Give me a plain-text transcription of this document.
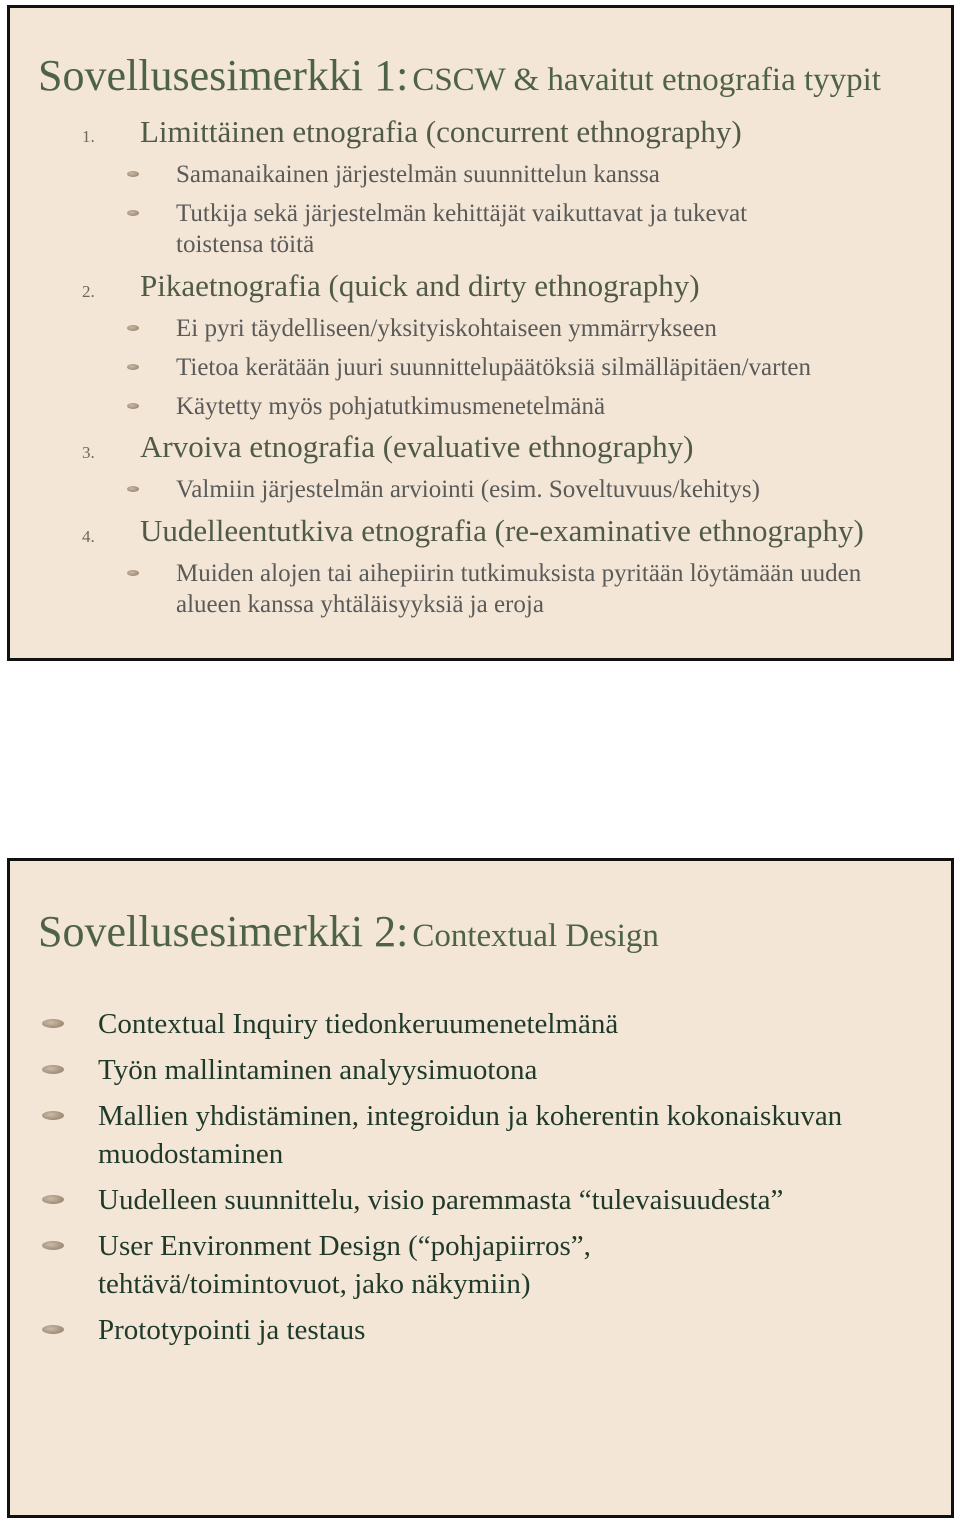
Sovellusesimerkki 1: CSCW & havaitut etnografia tyypit
1. Limittäinen etnografia (concurrent ethnography)
Samanaikainen järjestelmän suunnittelun kanssa
Tutkija sekä järjestelmän kehittäjät vaikuttavat ja tukevat toistensa töitä
2. Pikaetnografia (quick and dirty ethnography)
Ei pyri täydelliseen/yksityiskohtaiseen ymmärrykseen
Tietoa kerätään juuri suunnittelupäätöksiä silmälläpitäen/varten
Käytetty myös pohjatutkimusmenetelmänä
3. Arvoiva etnografia (evaluative ethnography)
Valmiin järjestelmän arviointi (esim. Soveltuvuus/kehitys)
4. Uudelleentutkiva etnografia (re-examinative ethnography)
Muiden alojen tai aihepiirin tutkimuksista pyritään löytämään uuden alueen kanssa yhtäläisyyksiä ja eroja
Sovellusesimerkki 2: Contextual Design
Contextual Inquiry tiedonkeruumenetelmänä
Työn mallintaminen analyysimuotona
Mallien yhdistäminen, integroidun ja koherentin kokonaiskuvan muodostaminen
Uudelleen suunnittelu, visio paremmasta “tulevaisuudesta”
User Environment Design (“pohjapiirros”, tehtävä/toimintovuot, jako näkymiin)
Prototypointi ja testaus
